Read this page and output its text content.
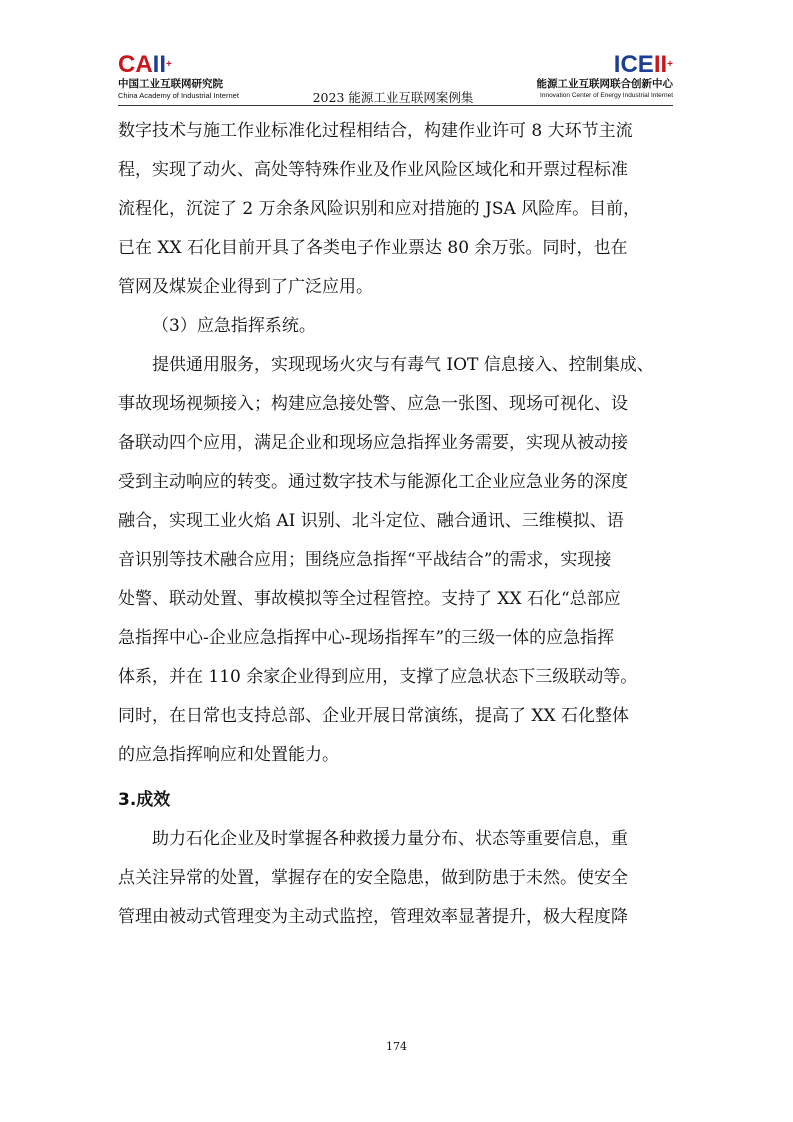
CAII+
中国工业互联网研究院
China Academy of Industrial Internet	2023 能源工业互联网案例集
ICEII+
能源工业互联网联合创新中心
Innovation Center of Energy Industrial Internet

数字技术与施工作业标准化过程相结合，构建作业许可 8 大环节主流
程，实现了动火、高处等特殊作业及作业风险区域化和开票过程标准
流程化，沉淀了 2 万余条风险识别和应对措施的 JSA 风险库。目前，
已在 XX 石化目前开具了各类电子作业票达 80 余万张。同时，也在
管网及煤炭企业得到了广泛应用。

（3）应急指挥系统。

提供通用服务，实现现场火灾与有毒气 IOT 信息接入、控制集成、
事故现场视频接入；构建应急接处警、应急一张图、现场可视化、设
备联动四个应用，满足企业和现场应急指挥业务需要，实现从被动接
受到主动响应的转变。通过数字技术与能源化工企业应急业务的深度
融合，实现工业火焰 AI 识别、北斗定位、融合通讯、三维模拟、语
音识别等技术融合应用；围绕应急指挥“平战结合”的需求，实现接
处警、联动处置、事故模拟等全过程管控。支持了 XX 石化“总部应
急指挥中心-企业应急指挥中心-现场指挥车”的三级一体的应急指挥
体系，并在 110 余家企业得到应用，支撑了应急状态下三级联动等。
同时，在日常也支持总部、企业开展日常演练，提高了 XX 石化整体
的应急指挥响应和处置能力。

3.成效

助力石化企业及时掌握各种救援力量分布、状态等重要信息，重
点关注异常的处置，掌握存在的安全隐患，做到防患于未然。使安全
管理由被动式管理变为主动式监控，管理效率显著提升，极大程度降

174
